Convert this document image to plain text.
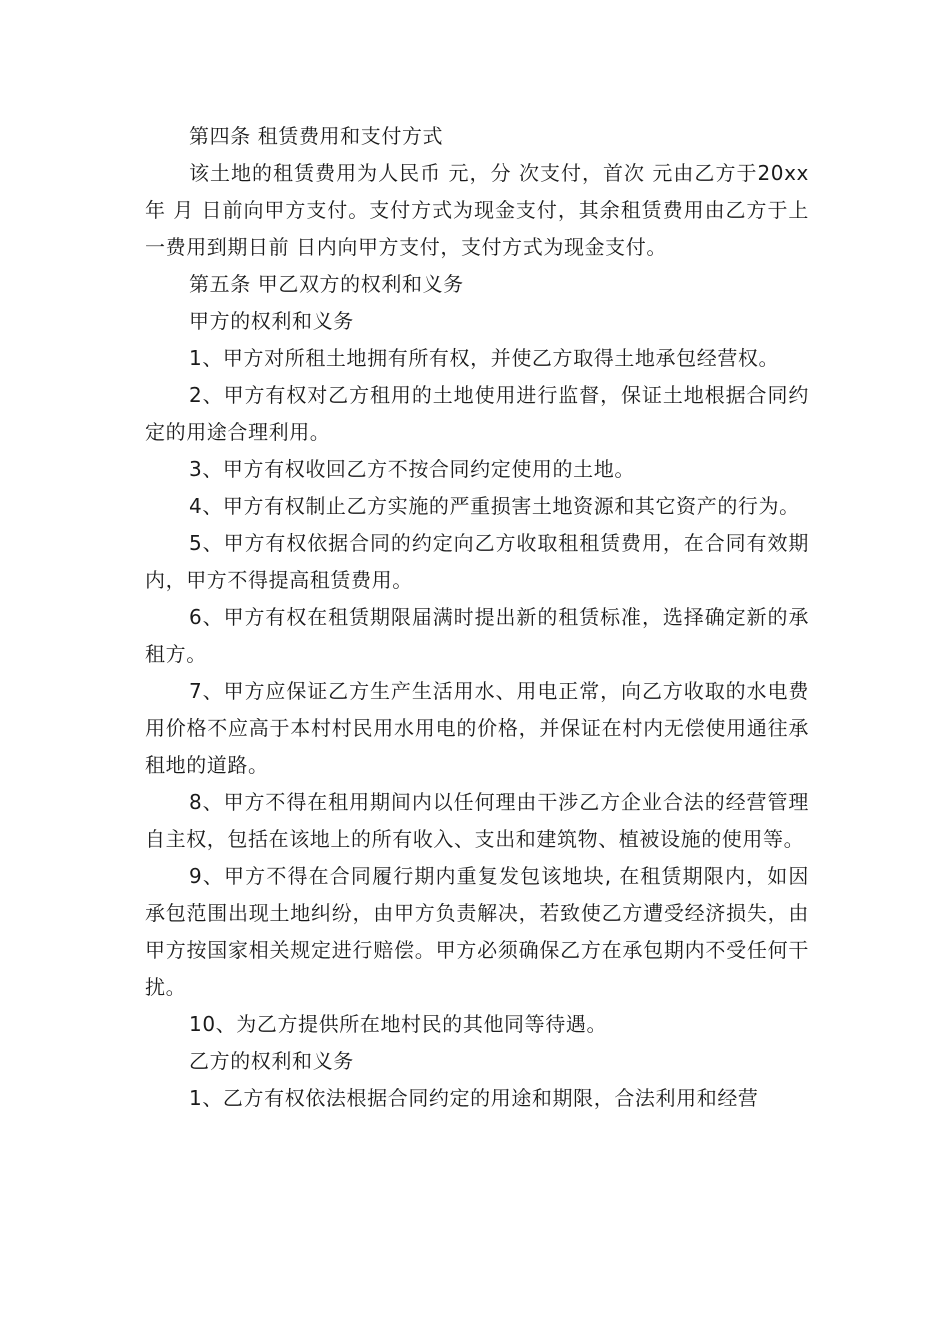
第四条 租赁费用和支付方式

该土地的租赁费用为人民币 元，分 次支付，首次 元由乙方于20xx 年 月 日前向甲方支付。支付方式为现金支付，其余租赁费用由乙方于上一费用到期日前 日内向甲方支付，支付方式为现金支付。

第五条 甲乙双方的权利和义务

甲方的权利和义务

1、甲方对所租土地拥有所有权，并使乙方取得土地承包经营权。

2、甲方有权对乙方租用的土地使用进行监督，保证土地根据合同约定的用途合理利用。

3、甲方有权收回乙方不按合同约定使用的土地。

4、甲方有权制止乙方实施的严重损害土地资源和其它资产的行为。

5、甲方有权依据合同的约定向乙方收取租租赁费用，在合同有效期内，甲方不得提高租赁费用。

6、甲方有权在租赁期限届满时提出新的租赁标准，选择确定新的承租方。

7、甲方应保证乙方生产生活用水、用电正常，向乙方收取的水电费用价格不应高于本村村民用水用电的价格，并保证在村内无偿使用通往承租地的道路。

8、甲方不得在租用期间内以任何理由干涉乙方企业合法的经营管理自主权，包括在该地上的所有收入、支出和建筑物、植被设施的使用等。

9、甲方不得在合同履行期内重复发包该地块, 在租赁期限内，如因承包范围出现土地纠纷，由甲方负责解决，若致使乙方遭受经济损失，由甲方按国家相关规定进行赔偿。甲方必须确保乙方在承包期内不受任何干扰。

10、为乙方提供所在地村民的其他同等待遇。

乙方的权利和义务

1、乙方有权依法根据合同约定的用途和期限，合法利用和经营
